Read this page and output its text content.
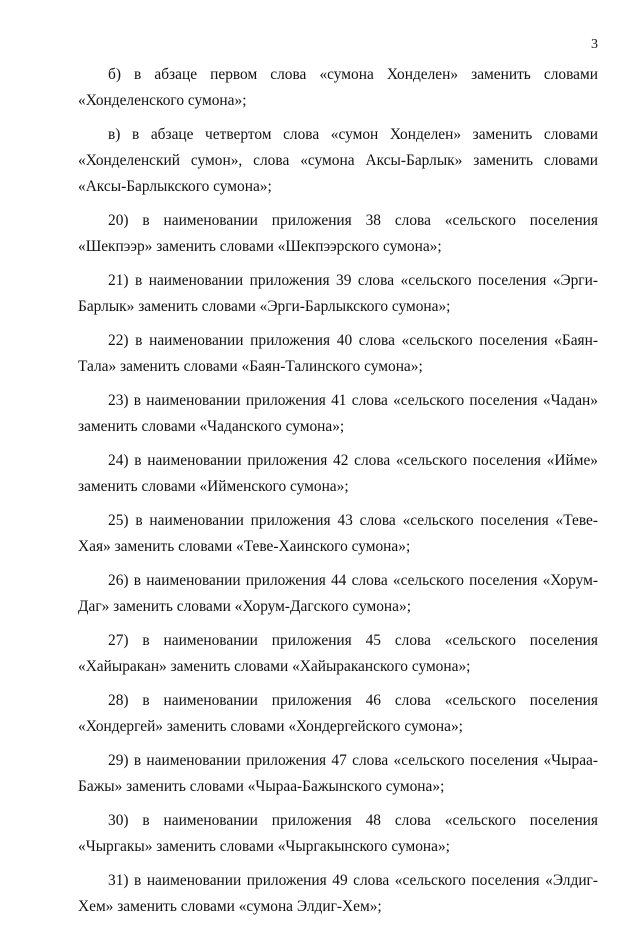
3

б) в абзаце первом слова «сумона Хонделен» заменить словами «Хонделенского сумона»;

в) в абзаце четвертом слова «сумон Хонделен» заменить словами «Хонделенский сумон», слова «сумона Аксы-Барлык» заменить словами «Аксы-Барлыкского сумона»;

20) в наименовании приложения 38 слова «сельского поселения «Шекпээр» заменить словами «Шекпээрского сумона»;

21) в наименовании приложения 39 слова «сельского поселения «Эрги-Барлык» заменить словами «Эрги-Барлыкского сумона»;

22) в наименовании приложения 40 слова «сельского поселения «Баян-Тала» заменить словами «Баян-Талинского сумона»;

23) в наименовании приложения 41 слова «сельского поселения «Чадан» заменить словами «Чаданского сумона»;

24) в наименовании приложения 42 слова «сельского поселения «Ийме» заменить словами «Ийменского сумона»;

25) в наименовании приложения 43 слова «сельского поселения «Теве-Хая» заменить словами «Теве-Хаинского сумона»;

26) в наименовании приложения 44 слова «сельского поселения «Хорум-Даг» заменить словами «Хорум-Дагского сумона»;

27) в наименовании приложения 45 слова «сельского поселения «Хайыракан» заменить словами «Хайыраканского сумона»;

28) в наименовании приложения 46 слова «сельского поселения «Хондергей» заменить словами «Хондергейского сумона»;

29) в наименовании приложения 47 слова «сельского поселения «Чыраа-Бажы» заменить словами «Чыраа-Бажынского сумона»;

30) в наименовании приложения 48 слова «сельского поселения «Чыргакы» заменить словами «Чыргакынского сумона»;

31) в наименовании приложения 49 слова «сельского поселения «Элдиг-Хем» заменить словами «сумона Элдиг-Хем»;
